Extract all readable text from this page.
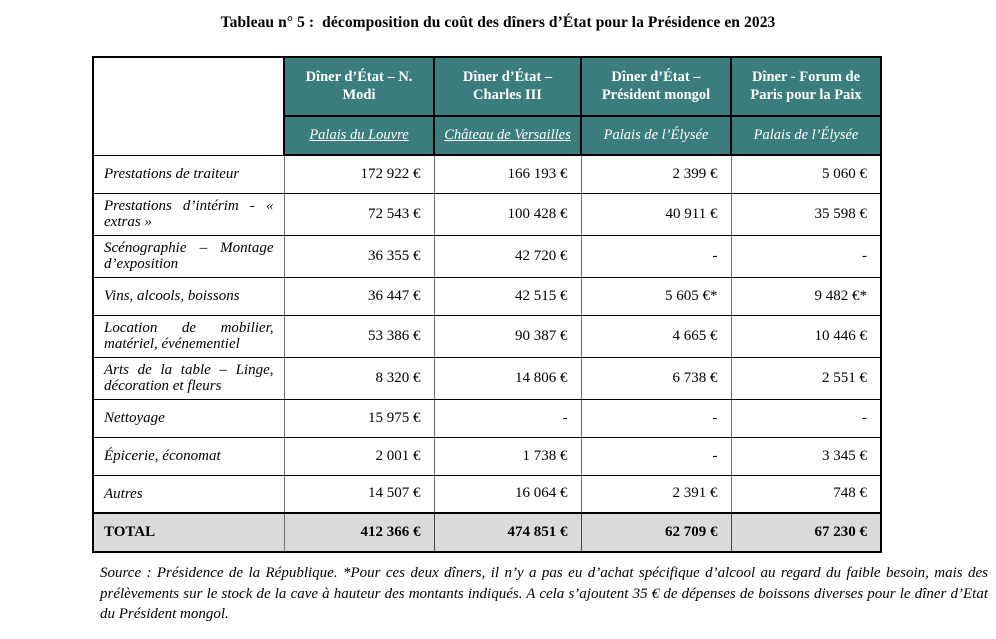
Tableau n° 5 :  décomposition du coût des dîners d’État pour la Présidence en 2023
	Dîner d’État – N. Modi	Dîner d’État – Charles III	Dîner d’État – Président mongol	Dîner - Forum de Paris pour la Paix
	Palais du Louvre	Château de Versailles	Palais de l’Élysée	Palais de l’Élysée
Prestations de traiteur	172 922 €	166 193 €	2 399 €	5 060 €
Prestations d’intérim - « extras »	72 543 €	100 428 €	40 911 €	35 598 €
Scénographie – Montage d’exposition	36 355 €	42 720 €	-	-
Vins, alcools, boissons	36 447 €	42 515 €	5 605 €*	9 482 €*
Location de mobilier, matériel, événementiel	53 386 €	90 387 €	4 665 €	10 446 €
Arts de la table – Linge, décoration et fleurs	8 320 €	14 806 €	6 738 €	2 551 €
Nettoyage	15 975 €	-	-	-
Épicerie, économat	2 001 €	1 738 €	-	3 345 €
Autres	14 507 €	16 064 €	2 391 €	748 €
TOTAL	412 366 €	474 851 €	62 709 €	67 230 €
Source : Présidence de la République. *Pour ces deux dîners, il n’y a pas eu d’achat spécifique d’alcool au regard du faible besoin, mais des prélèvements sur le stock de la cave à hauteur des montants indiqués. A cela s’ajoutent 35 € de dépenses de boissons diverses pour le dîner d’Etat du Président mongol.
